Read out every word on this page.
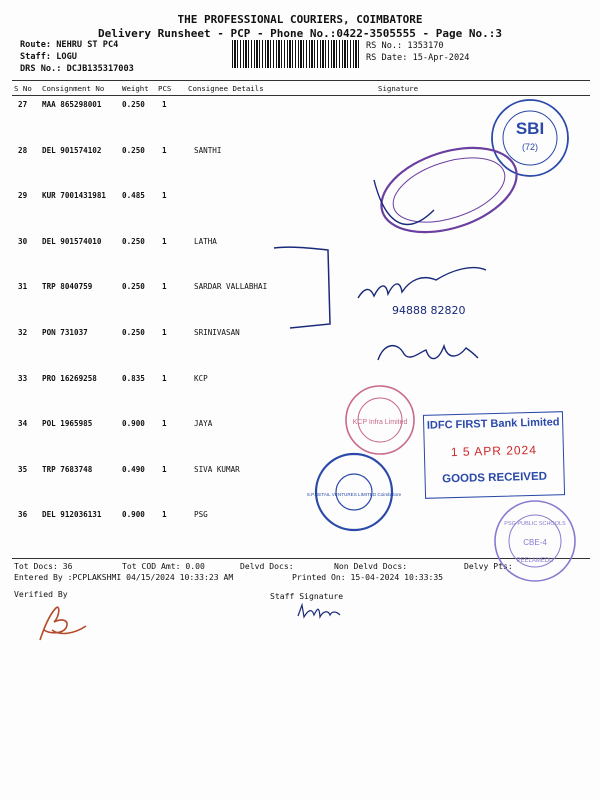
THE PROFESSIONAL COURIERS, COIMBATORE
Delivery Runsheet - PCP - Phone No.:0422-3505555 - Page No.:3
Route: NEHRU ST PC4
Staff: LOGU
DRS No.: DCJB135317003
RS No.: 1353170
RS Date: 15-Apr-2024
S No Consignment No Weight PCS Consignee Details	Signature
27 MAA 865298001	0.250 1
28 DEL 901574102	0.250 1	SANTHI
29 KUR 7001431981 0.485 1
30 DEL 901574010	0.250 1	LATHA
31 TRP 8040759	0.250 1	SARDAR VALLABHAI
32 PON 731037	0.250 1	SRINIVASAN
33 PRO 16269258	0.835 1	KCP
34 POL 1965985	0.900 1	JAYA
35 TRP 7683748	0.490 1	SIVA KUMAR
36 DEL 912036131	0.900 1	PSG
Tot Docs: 36	Tot COD Amt: 0.00	Delvd Docs:	Non Delvd Docs:	Delvy Pts:
Entered By :PCPLAKSHMI 04/15/2024 10:33:23 AM	Printed On: 15-04-2024 10:33:35
Verified By	Staff Signature
SBI
(72)
94888 82820
KCP Infra Limited IDFC FIRST Bank Limited
1 5 APR 2024
GOODS RECEIVED
S.P.RETAIL VENTURES LIMITED Coimbatore
PSG PUBLIC SCHOOLS
CBE-4
PEELAMEDU
